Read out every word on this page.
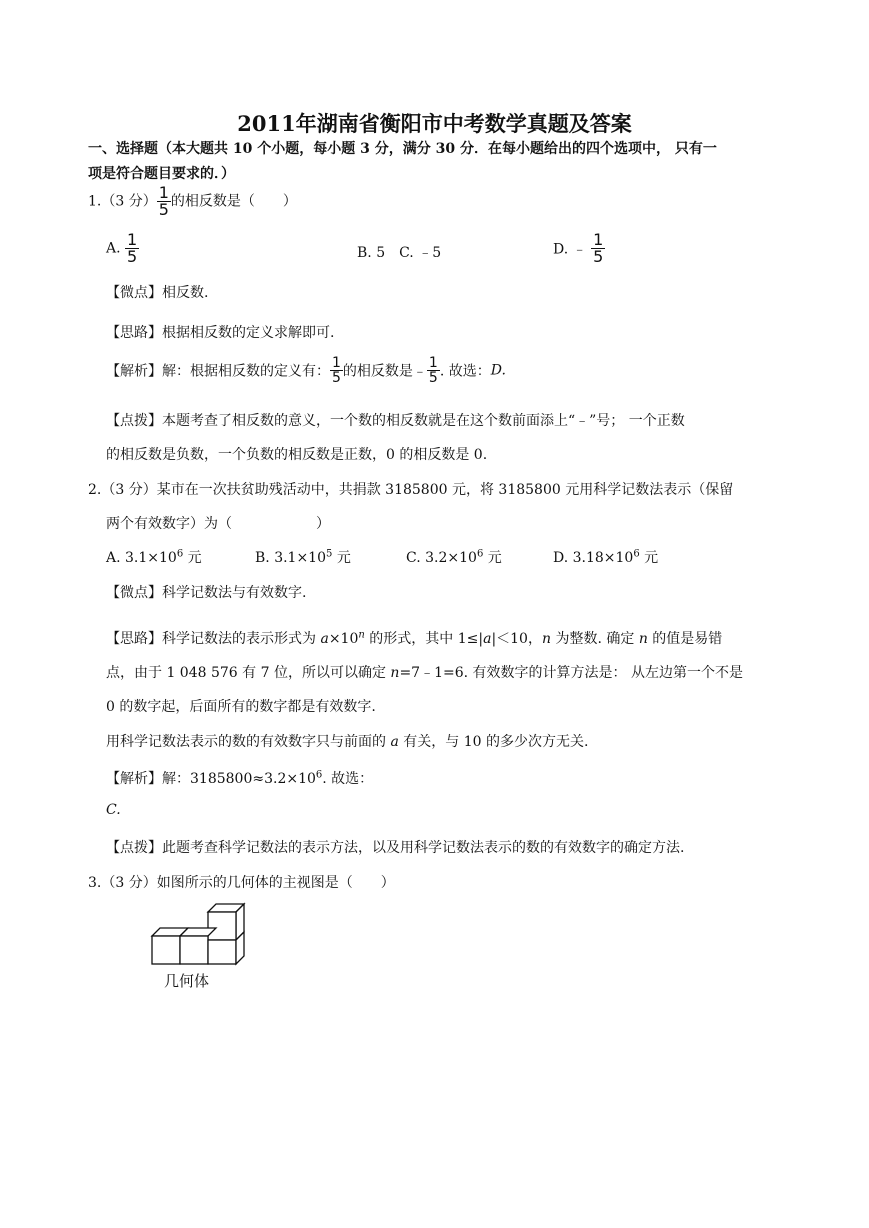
2011年湖南省衡阳市中考数学真题及答案
一、选择题（本大题共 10 个小题，每小题 3 分，满分 30 分．在每小题给出的四个选项中， 只有一
项是符合题目要求的．）
1.（3 分） $\frac{1}{5}$ 的相反数是（　　）
A. $\frac{1}{5}$	B. 5　C. ﹣5	D. ﹣ $\frac{1}{5}$
【微点】相反数.
【思路】根据相反数的定义求解即可.
【解析】解：根据相反数的定义有： $\frac{1}{5}$ 的相反数是﹣ $\frac{1}{5}$ . 故选：D.
【点拨】本题考查了相反数的意义，一个数的相反数就是在这个数前面添上“﹣”号； 一个正数
的相反数是负数，一个负数的相反数是正数，0 的相反数是 0.
2.（3 分）某市在一次扶贫助残活动中，共捐款 3185800 元，将 3185800 元用科学记数法表示（保留
两个有效数字）为（　　　　　　）
A. $3.1\times 10^6$ 元	B. $3.1\times 10^5$ 元	C. $3.2\times 10^6$ 元	D. $3.18\times 10^6$ 元
【微点】科学记数法与有效数字.
【思路】科学记数法的表示形式为 $a\times 10^n$ 的形式，其中 1≤|a|＜10，n 为整数. 确定 n 的值是易错
点，由于 1 048 576 有 7 位，所以可以确定 n=7﹣1=6. 有效数字的计算方法是： 从左边第一个不是
0 的数字起，后面所有的数字都是有效数字.
用科学记数法表示的数的有效数字只与前面的 a 有关，与 10 的多少次方无关.
【解析】解：$3185800\approx 3.2\times 10^6$. 故选：
C.
【点拨】此题考查科学记数法的表示方法，以及用科学记数法表示的数的有效数字的确定方法.
3.（3 分）如图所示的几何体的主视图是（　　）
几何体
